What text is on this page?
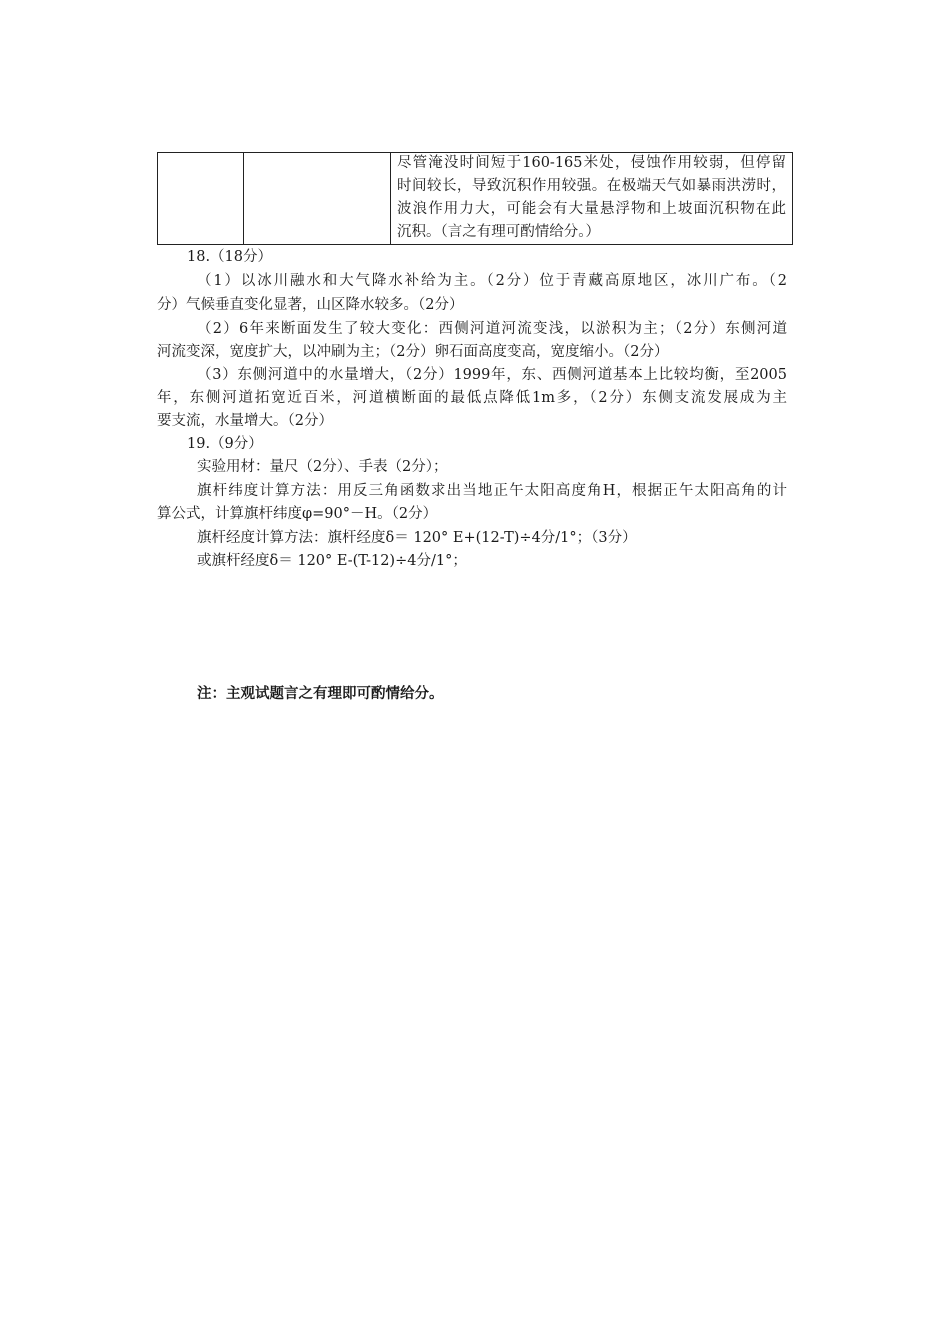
尽管淹没时间短于160-165米处，侵蚀作用较弱，但停留
时间较长，导致沉积作用较强。在极端天气如暴雨洪涝时，
波浪作用力大，可能会有大量悬浮物和上坡面沉积物在此
沉积。（言之有理可酌情给分。）
18.（18分）
（1）以冰川融水和大气降水补给为主。（2分）位于青藏高原地区，冰川广布。（2
分）气候垂直变化显著，山区降水较多。（2分）
（2）6年来断面发生了较大变化：西侧河道河流变浅，以淤积为主；（2分）东侧河道
河流变深，宽度扩大，以冲刷为主；（2分）卵石面高度变高，宽度缩小。（2分）
（3）东侧河道中的水量增大，（2分）1999年，东、西侧河道基本上比较均衡，至2005
年，东侧河道拓宽近百米，河道横断面的最低点降低1m多，（2分）东侧支流发展成为主
要支流，水量增大。（2分）
19.（9分）
实验用材：量尺（2分）、手表（2分）；
旗杆纬度计算方法：用反三角函数求出当地正午太阳高度角H，根据正午太阳高角的计
算公式，计算旗杆纬度φ=90°－H。（2分）
旗杆经度计算方法：旗杆经度δ＝ 120° E+(12-T)÷4分/1°；（3分）
或旗杆经度δ＝ 120° E-(T-12)÷4分/1°；
注：主观试题言之有理即可酌情给分。
